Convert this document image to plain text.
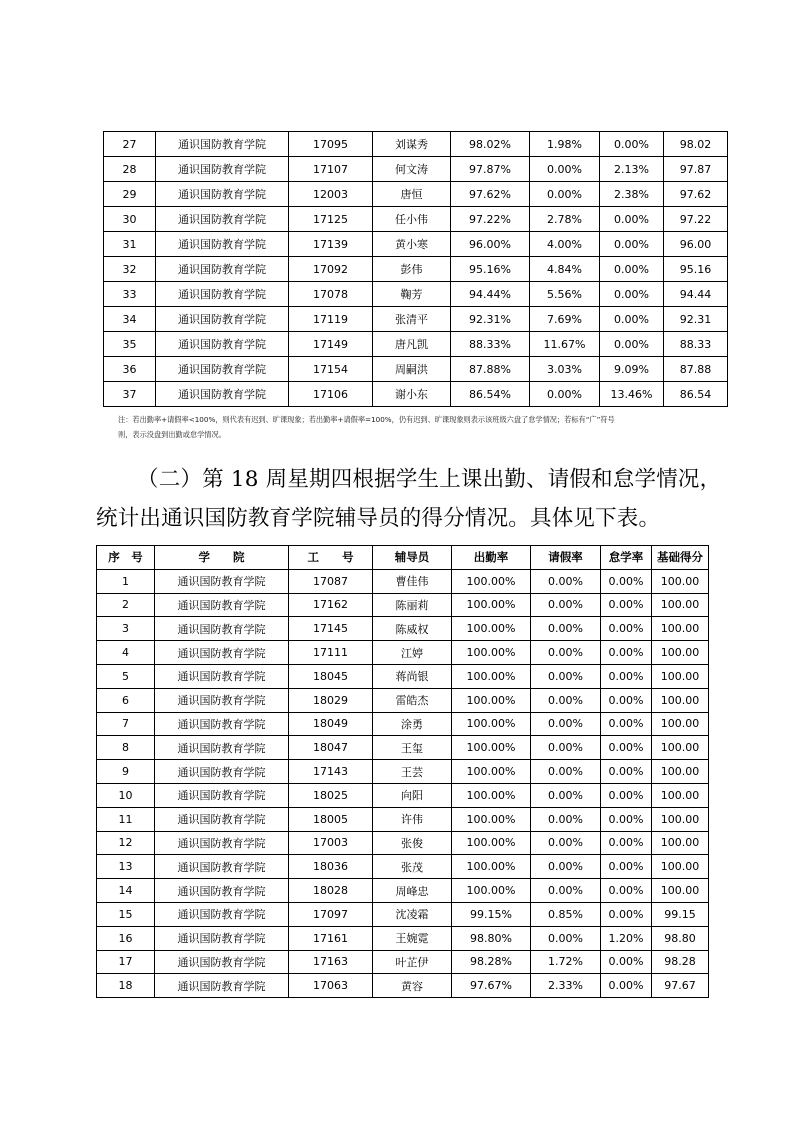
27	通识国防教育学院	17095	刘谋秀	98.02%	1.98%	0.00%	98.02
28	通识国防教育学院	17107	何文涛	97.87%	0.00%	2.13%	97.87
29	通识国防教育学院	12003	唐恒	97.62%	0.00%	2.38%	97.62
30	通识国防教育学院	17125	任小伟	97.22%	2.78%	0.00%	97.22
31	通识国防教育学院	17139	黄小寒	96.00%	4.00%	0.00%	96.00
32	通识国防教育学院	17092	彭伟	95.16%	4.84%	0.00%	95.16
33	通识国防教育学院	17078	鞠芳	94.44%	5.56%	0.00%	94.44
34	通识国防教育学院	17119	张清平	92.31%	7.69%	0.00%	92.31
35	通识国防教育学院	17149	唐凡凯	88.33%	11.67%	0.00%	88.33
36	通识国防教育学院	17154	周嗣洪	87.88%	3.03%	9.09%	87.88
37	通识国防教育学院	17106	谢小东	86.54%	0.00%	13.46%	86.54
注：若出勤率+请假率<100%，则代表有迟到、旷课现象；若出勤率+请假率=100%，仍有迟到、旷课现象则表示该班级六盘了怠学情况；若标有“广”符号
则，表示没盘到出勤或怠学情况。
（二）第 18 周星期四根据学生上课出勤、请假和怠学情况，
统计出通识国防教育学院辅导员的得分情况。具体见下表。
序　号	学　　院	工　　号	辅导员	出勤率	请假率	怠学率	基础得分
1	通识国防教育学院	17087	曹佳伟	100.00%	0.00%	0.00%	100.00
2	通识国防教育学院	17162	陈丽莉	100.00%	0.00%	0.00%	100.00
3	通识国防教育学院	17145	陈威权	100.00%	0.00%	0.00%	100.00
4	通识国防教育学院	17111	江婷	100.00%	0.00%	0.00%	100.00
5	通识国防教育学院	18045	蒋尚银	100.00%	0.00%	0.00%	100.00
6	通识国防教育学院	18029	雷皓杰	100.00%	0.00%	0.00%	100.00
7	通识国防教育学院	18049	涂勇	100.00%	0.00%	0.00%	100.00
8	通识国防教育学院	18047	王玺	100.00%	0.00%	0.00%	100.00
9	通识国防教育学院	17143	王芸	100.00%	0.00%	0.00%	100.00
10	通识国防教育学院	18025	向阳	100.00%	0.00%	0.00%	100.00
11	通识国防教育学院	18005	许伟	100.00%	0.00%	0.00%	100.00
12	通识国防教育学院	17003	张俊	100.00%	0.00%	0.00%	100.00
13	通识国防教育学院	18036	张茂	100.00%	0.00%	0.00%	100.00
14	通识国防教育学院	18028	周峰忠	100.00%	0.00%	0.00%	100.00
15	通识国防教育学院	17097	沈凌霜	99.15%	0.85%	0.00%	99.15
16	通识国防教育学院	17161	王婉霓	98.80%	0.00%	1.20%	98.80
17	通识国防教育学院	17163	叶芷伊	98.28%	1.72%	0.00%	98.28
18	通识国防教育学院	17063	黄容	97.67%	2.33%	0.00%	97.67
